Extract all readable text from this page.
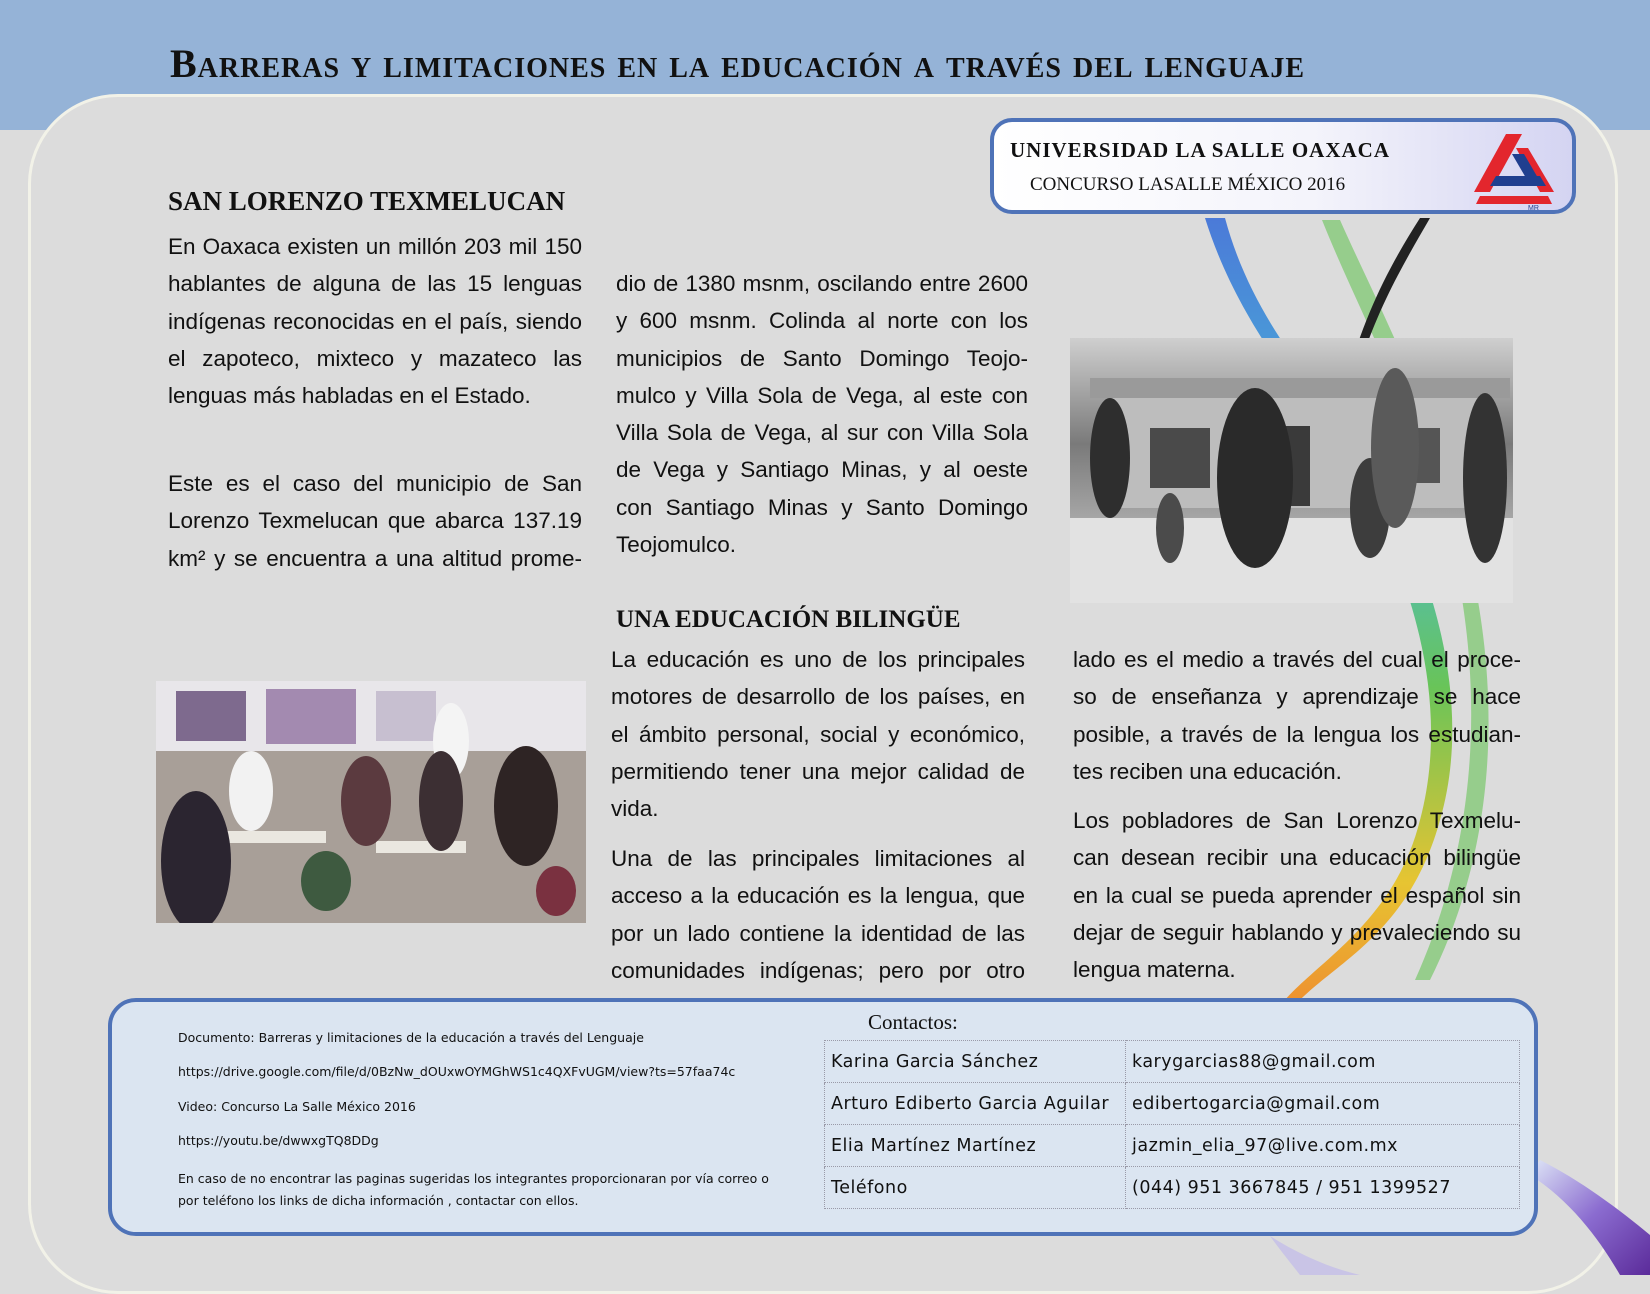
Barreras y limitaciones en la educación a través del lenguaje
UNIVERSIDAD LA SALLE OAXACA
CONCURSO LASALLE MÉXICO 2016
MR
SAN LORENZO TEXMELUCAN

En Oaxaca existen un millón 203 mil 150 hablantes de alguna de las 15 lenguas indígenas reconocidas en el país, siendo el zapoteco, mixteco y mazateco las lenguas más habladas en el Estado.

Este es el caso del municipio de San Lorenzo Texmelucan que abarca 137.19 km² y se encuentra a una altitud prome-

dio de 1380 msnm, oscilando entre 2600 y 600 msnm. Colinda al norte con los municipios de Santo Domingo Teojo-mulco y Villa Sola de Vega, al este con Villa Sola de Vega, al sur con Villa Sola de Vega y Santiago Minas, y al oeste con Santiago Minas y Santo Domingo Teojomulco.

UNA EDUCACIÓN BILINGÜE

La educación es uno de los principales motores de desarrollo de los países, en el ámbito personal, social y económico, permitiendo tener una mejor calidad de vida.

Una de las principales limitaciones al acceso a la educación es la lengua, que por un lado contiene la identidad de las comunidades indígenas; pero por otro

lado es el medio a través del cual el proce-so de enseñanza y aprendizaje se hace posible, a través de la lengua los estudian-tes reciben una educación.

Los pobladores de San Lorenzo Texmelu-can desean recibir una educación bilingüe en la cual se pueda aprender el español sin dejar de seguir hablando y prevaleciendo su lengua materna.

Documento: Barreras y limitaciones de la educación a través del Lenguaje
https://drive.google.com/file/d/0BzNw_dOUxwOYMGhWS1c4QXFvUGM/view?ts=57faa74c
Video: Concurso La Salle México 2016
https://youtu.be/dwwxgTQ8DDg
En caso de no encontrar las paginas sugeridas los integrantes proporcionaran por vía correo o por teléfono los links de dicha información , contactar con ellos.
Contactos:
Karina Garcia Sánchez	karygarcias88@gmail.com
Arturo Ediberto Garcia Aguilar	edibertogarcia@gmail.com
Elia Martínez Martínez	jazmin_elia_97@live.com.mx
Teléfono	(044) 951 3667845 / 951 1399527
